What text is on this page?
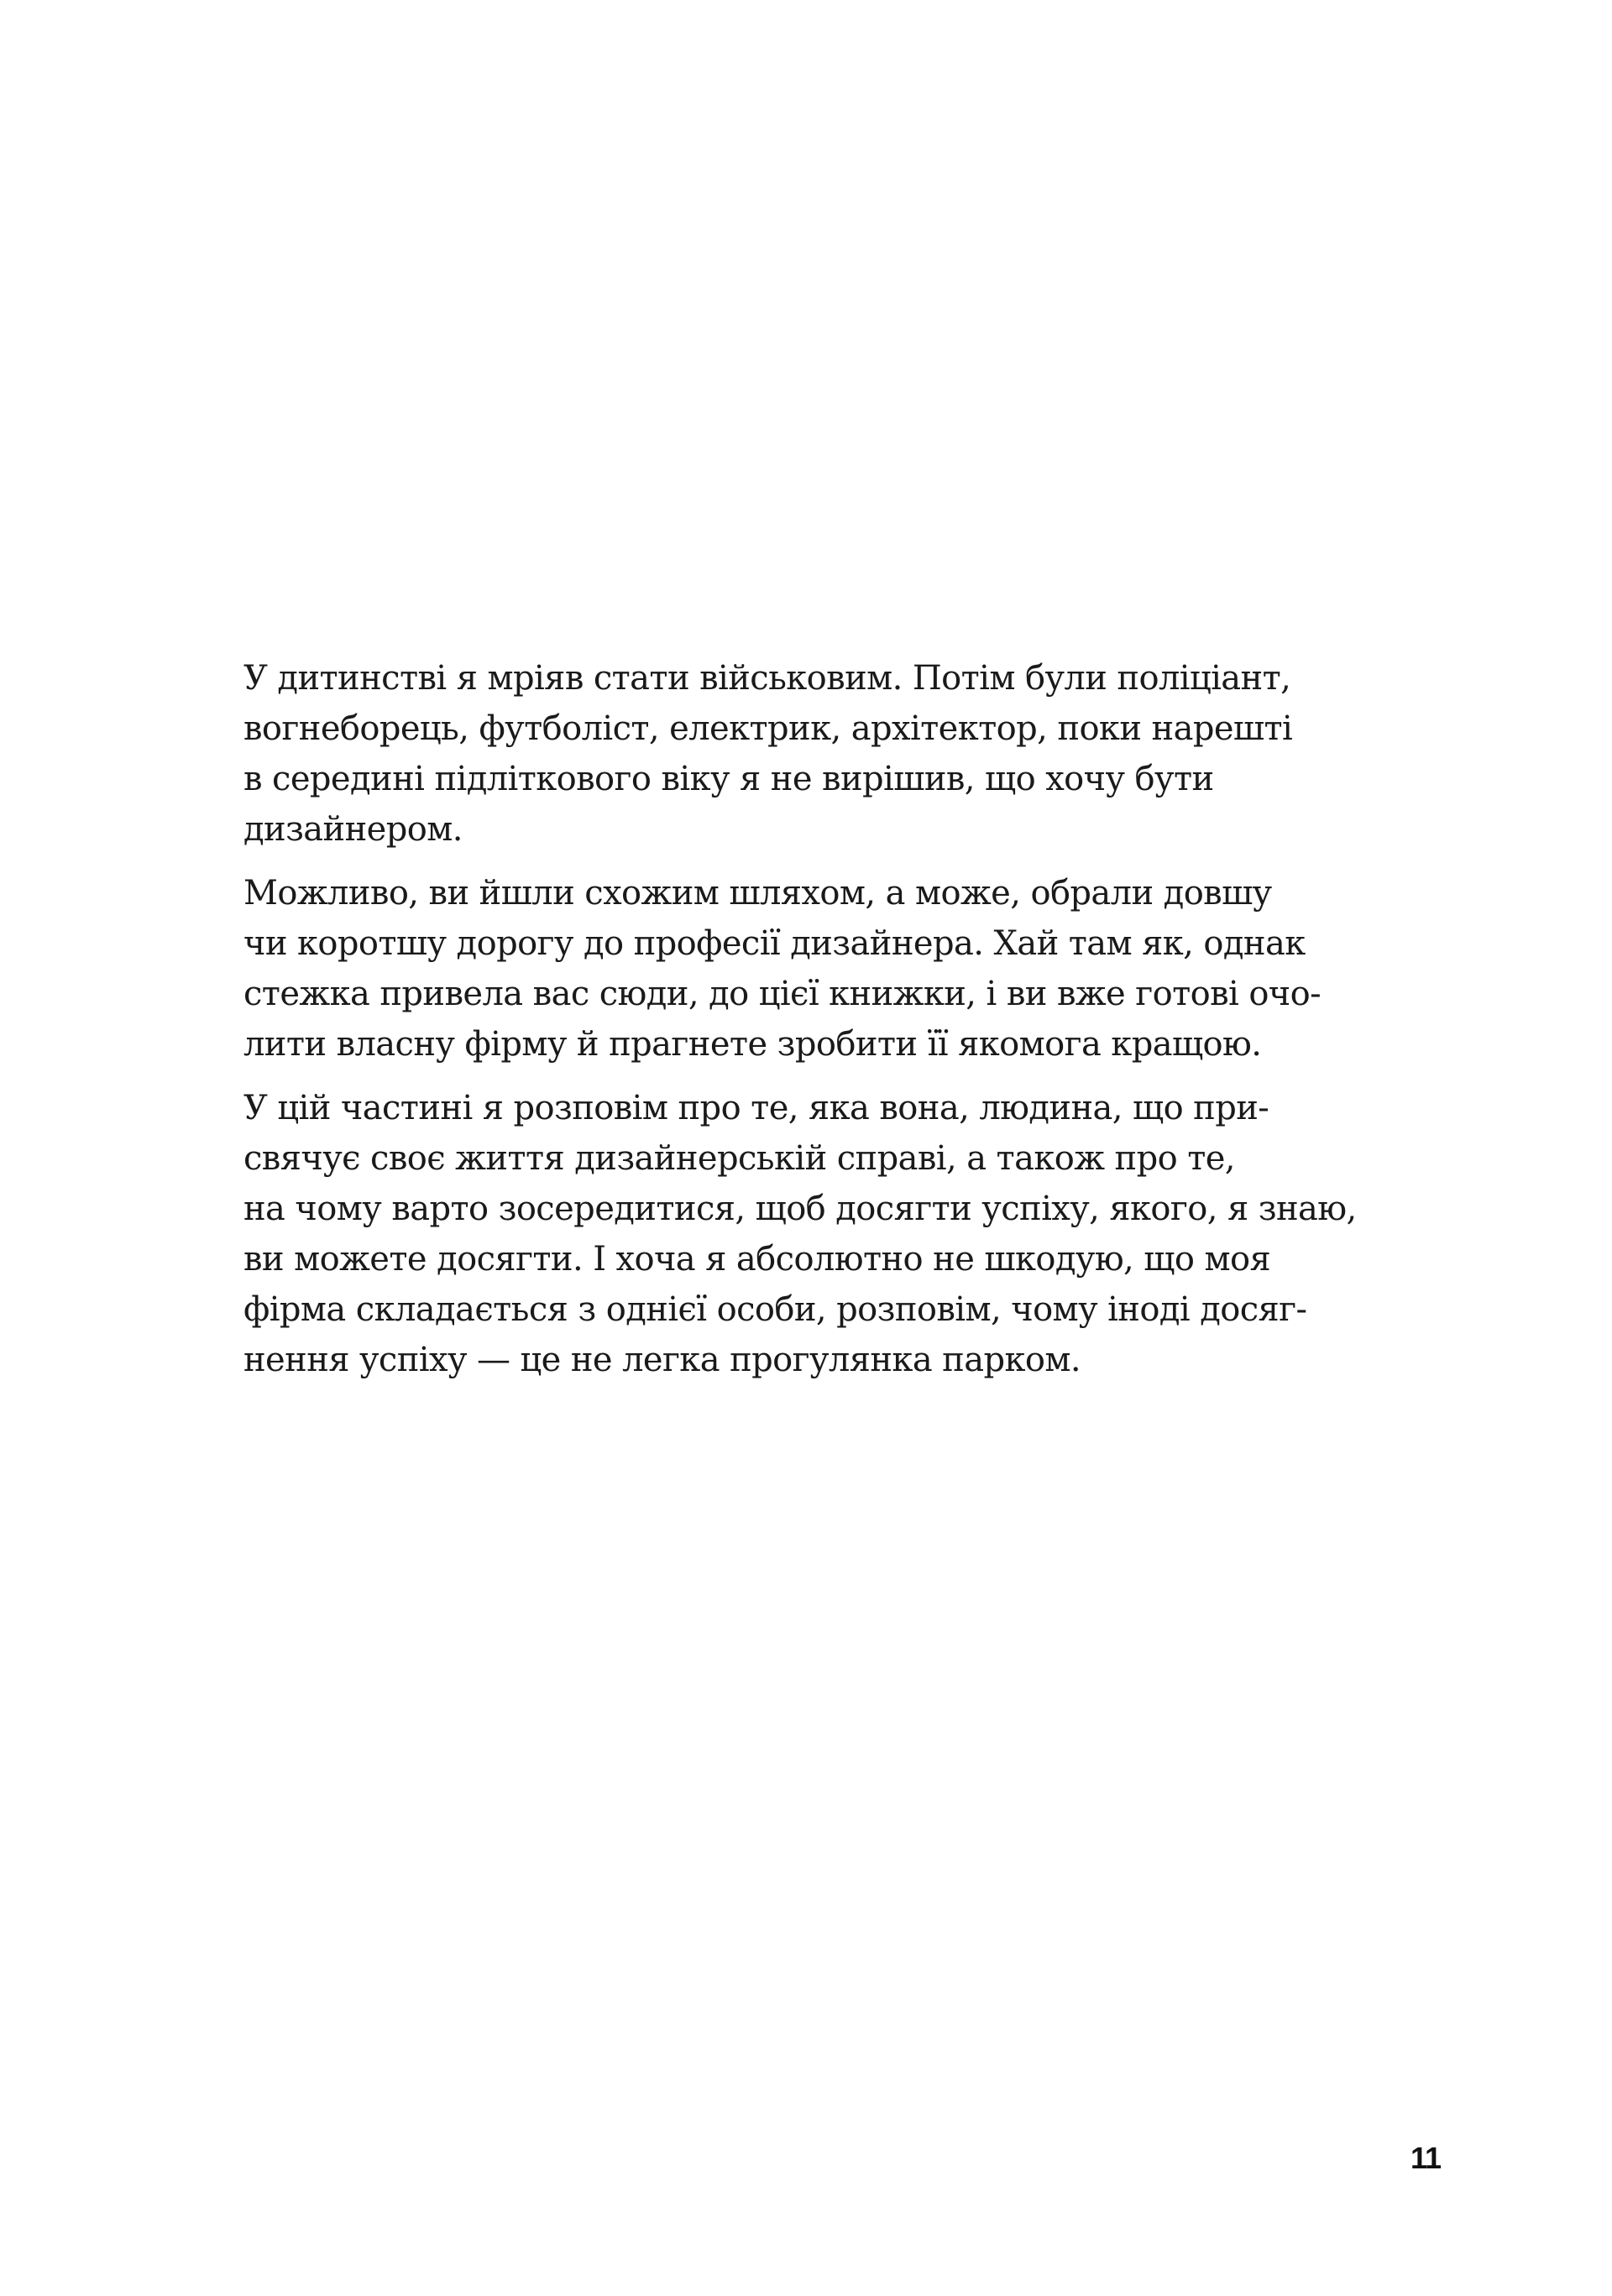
У дитинстві я мріяв стати військовим. Потім були поліціант,
вогнеборець, футболіст, електрик, архітектор, поки нарешті
в середині підліткового віку я не вирішив, що хочу бути
дизайнером.

Можливо, ви йшли схожим шляхом, а може, обрали довшу
чи коротшу дорогу до професії дизайнера. Хай там як, однак
стежка привела вас сюди, до цієї книжки, і ви вже готові очо-
лити власну фірму й прагнете зробити її якомога кращою.

У цій частині я розповім про те, яка вона, людина, що при-
свячує своє життя дизайнерській справі, а також про те,
на чому варто зосередитися, щоб досягти успіху, якого, я знаю,
ви можете досягти. І хоча я абсолютно не шкодую, що моя
фірма складається з однієї особи, розповім, чому іноді досяг-
нення успіху — це не легка прогулянка парком.

11
